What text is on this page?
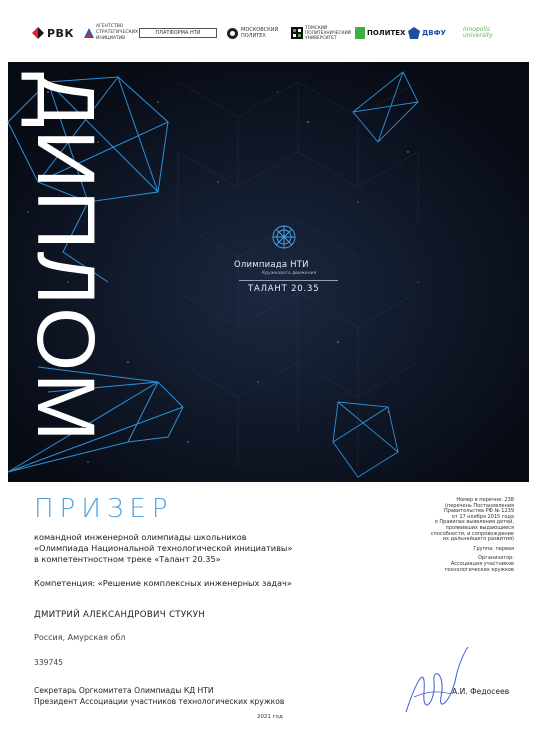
РВК	АГЕНТСТВО СТРАТЕГИЧЕСКИХ ИНИЦИАТИВ
ПЛАТФОРМА НТИ	МОСКОВСКИЙ ПОЛИТЕХ
ТОМСКИЙ ПОЛИТЕХНИЧЕСКИЙ УНИВЕРСИТЕТ
ПОЛИТЕХ ДВФУ	innopolis university
Олимпиада НТИ
Кружкового движения
ТАЛАНТ 20.35
ДИПЛОМ
ПРИЗЕР
командной инженерной олимпиады школьников
«Олимпиада Национальной технологической инициативы»
в компетентностном треке «Талант 20.35»
Компетенция: «Решение комплексных инженерных задач»
ДМИТРИЙ АЛЕКСАНДРОВИЧ СТУКУН
Россия, Амурская обл
339745
Секретарь Оргкомитета Олимпиады КД НТИ
Президент Ассоциации участников технологических кружков
А.И. Федосеев
2021 год
Номер в перечне: 238
(перечень Постановления
Правительства РФ № 1239
от 17 ноября 2015 года
о Правилах выявления детей,
проявивших выдающиеся
способности, и сопровождение
их дальнейшего развития)
Группа: первая
Организатор:
Ассоциация участников
технологических кружков
